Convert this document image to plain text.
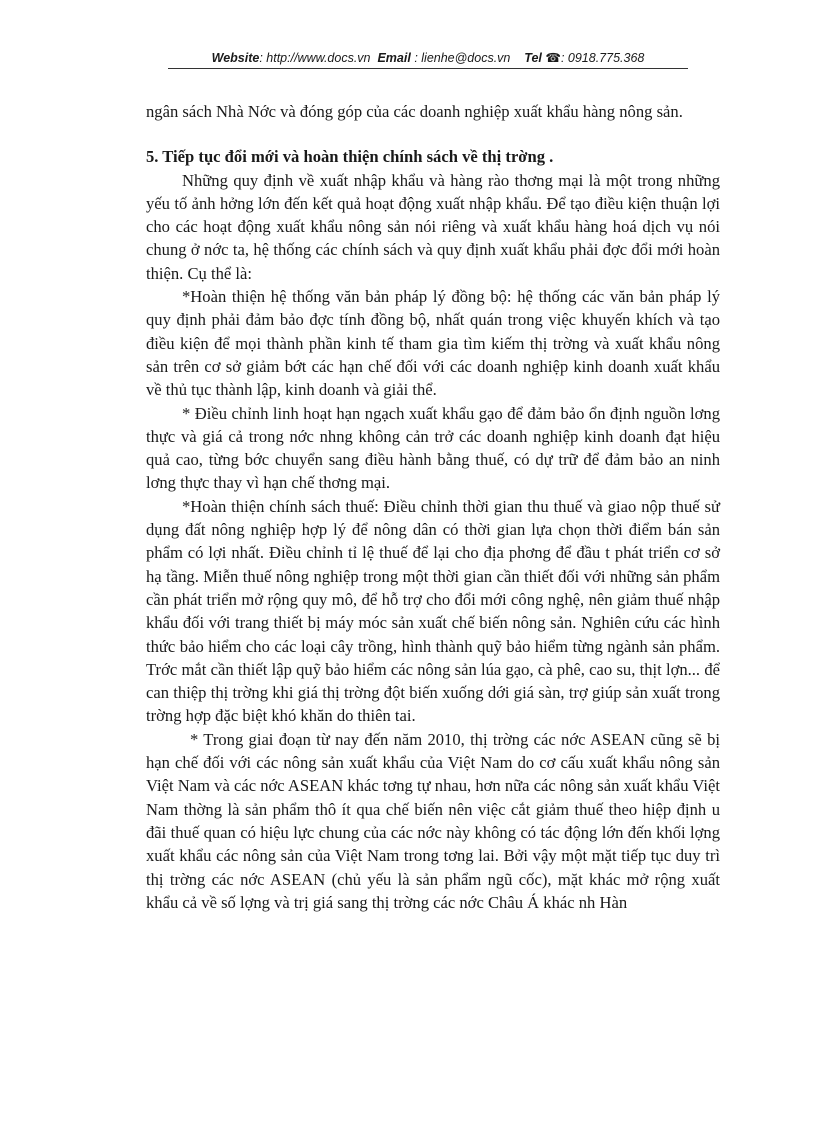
Website: http://www.docs.vn Email : lienhe@docs.vn Tel ☎: 0918.775.368

ngân sách Nhà Nớc và đóng góp của các doanh nghiệp xuất khẩu hàng nông sản.

5. Tiếp tục đổi mới và hoàn thiện chính sách về thị trờng .

Những quy định về xuất nhập khẩu và hàng rào thơng mại là một trong những yếu tố ảnh hởng lớn đến kết quả hoạt động xuất nhập khẩu. Để tạo điều kiện thuận lợi cho các hoạt động xuất khẩu nông sản nói riêng và xuất khẩu hàng hoá dịch vụ nói chung ở nớc ta, hệ thống các chính sách và quy định xuất khẩu phải đợc đổi mới hoàn thiện. Cụ thể là:

*Hoàn thiện hệ thống văn bản pháp lý đồng bộ: hệ thống các văn bản pháp lý quy định phải đảm bảo đợc tính đồng bộ, nhất quán trong việc khuyến khích và tạo điều kiện để mọi thành phần kinh tế tham gia tìm kiếm thị trờng và xuất khẩu nông sản trên cơ sở giảm bớt các hạn chế đối với các doanh nghiệp kinh doanh xuất khẩu về thủ tục thành lập, kinh doanh và giải thể.

* Điều chỉnh linh hoạt hạn ngạch xuất khẩu gạo để đảm bảo ổn định nguồn lơng thực và giá cả trong nớc nhng không cản trở các doanh nghiệp kinh doanh đạt hiệu quả cao, từng bớc chuyển sang điều hành bằng thuế, có dự trữ để đảm bảo an ninh lơng thực thay vì hạn chế thơng mại.

*Hoàn thiện chính sách thuế: Điều chỉnh thời gian thu thuế và giao nộp thuế sử dụng đất nông nghiệp hợp lý để nông dân có thời gian lựa chọn thời điểm bán sản phẩm có lợi nhất. Điều chỉnh tỉ lệ thuế để lại cho địa phơng để đầu t phát triển cơ sở hạ tầng. Miễn thuế nông nghiệp trong một thời gian cần thiết đối với những sản phẩm cần phát triển mở rộng quy mô, để hỗ trợ cho đổi mới công nghệ, nên giảm thuế nhập khẩu đối với trang thiết bị máy móc sản xuất chế biến nông sản. Nghiên cứu các hình thức bảo hiểm cho các loại cây trồng, hình thành quỹ bảo hiểm từng ngành sản phẩm. Trớc mắt cần thiết lập quỹ bảo hiểm các nông sản lúa gạo, cà phê, cao su, thịt lợn... để can thiệp thị trờng khi giá thị trờng đột biến xuống dới giá sàn, trợ giúp sản xuất trong trờng hợp đặc biệt khó khăn do thiên tai.

* Trong giai đoạn từ nay đến năm 2010, thị trờng các nớc ASEAN cũng sẽ bị hạn chế đối với các nông sản xuất khẩu của Việt Nam do cơ cấu xuất khẩu nông sản Việt Nam và các nớc ASEAN khác tơng tự nhau, hơn nữa các nông sản xuất khẩu Việt Nam thờng là sản phẩm thô ít qua chế biến nên việc cắt giảm thuế theo hiệp định u đãi thuế quan có hiệu lực chung của các nớc này không có tác động lớn đến khối lợng xuất khẩu các nông sản của Việt Nam trong tơng lai. Bởi vậy một mặt tiếp tục duy trì thị trờng các nớc ASEAN (chủ yếu là sản phẩm ngũ cốc), mặt khác mở rộng xuất khẩu cả về số lợng và trị giá sang thị trờng các nớc Châu Á khác nh Hàn
